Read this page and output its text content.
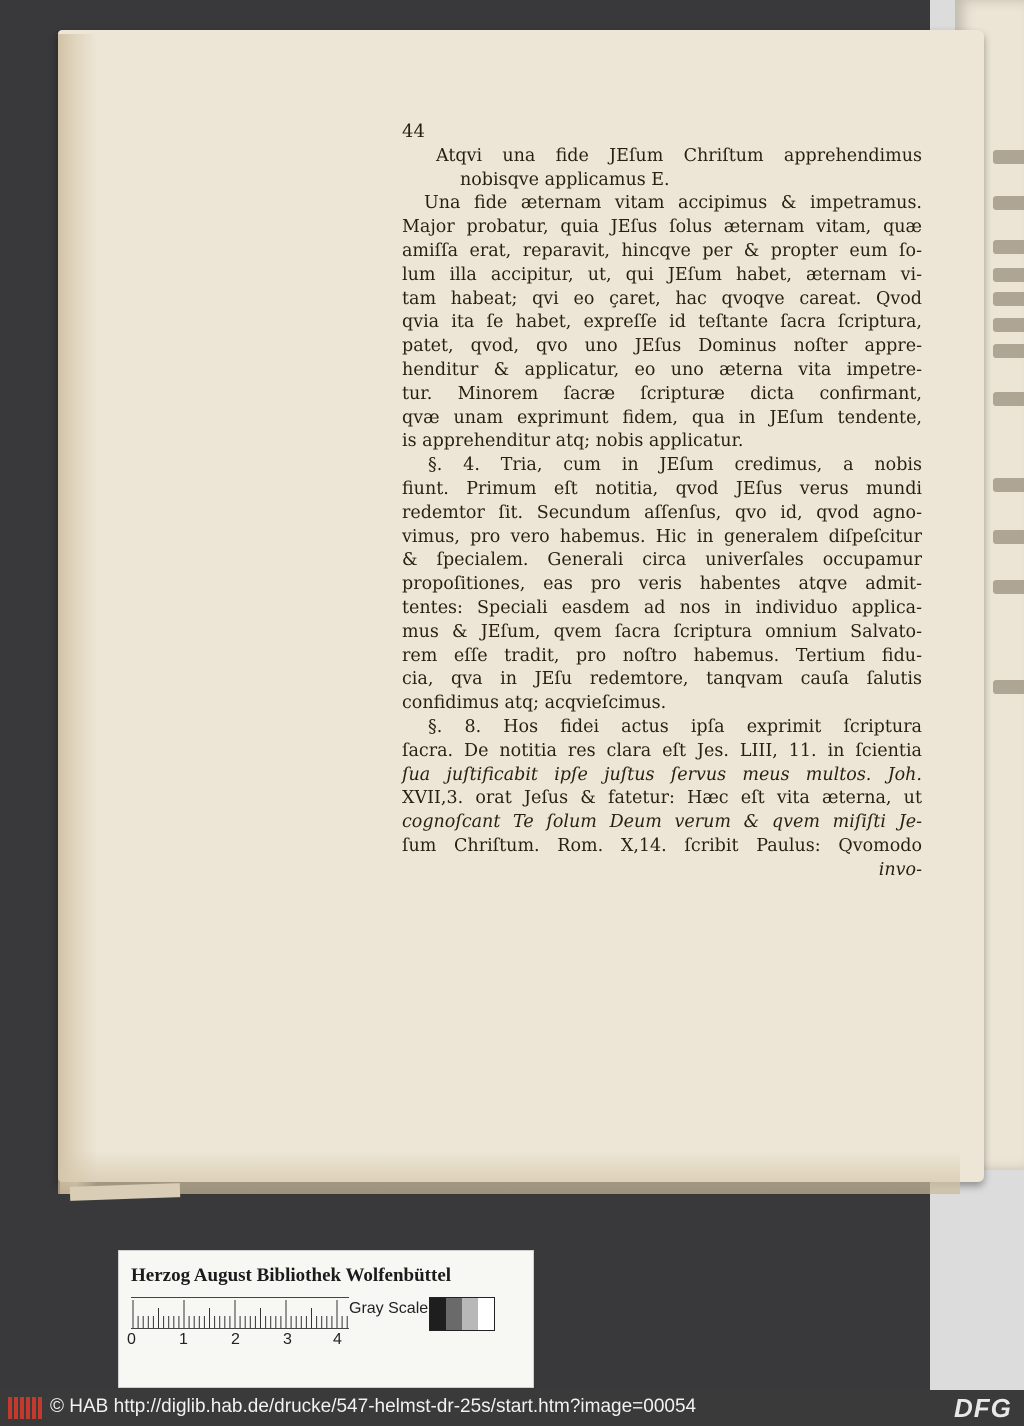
44
Atqvi una fide JEſum Chriſtum apprehendimus
nobisqve applicamus E.
Una fide æternam vitam accipimus & impetramus.
Major probatur, quia JEſus ſolus æternam vitam, quæ
amiſſa erat, reparavit, hincqve per & propter eum ſo-
lum illa accipitur, ut, qui JEſum habet, æternam vi-
tam habeat; qvi eo çaret, hac qvoqve careat. Qvod
qvia ita ſe habet, expreſſe id teſtante ſacra ſcriptura,
patet, qvod, qvo uno JEſus Dominus noſter appre-
henditur & applicatur, eo uno æterna vita impetre-
tur. Minorem ſacræ ſcripturæ dicta confirmant,
qvæ unam exprimunt fidem, qua in JEſum tendente,
is apprehenditur atq; nobis applicatur.
§. 4. Tria, cum in JEſum credimus, a nobis
fiunt. Primum eſt notitia, qvod JEſus verus mundi
redemtor ſit. Secundum aſſenſus, qvo id, qvod agno-
vimus, pro vero habemus. Hic in generalem diſpeſcitur
& ſpecialem. Generali circa univerſales occupamur
propoſitiones, eas pro veris habentes atqve admit-
tentes: Speciali easdem ad nos in individuo applica-
mus & JEſum, qvem ſacra ſcriptura omnium Salvato-
rem eſſe tradit, pro noſtro habemus. Tertium fidu-
cia, qva in JEſu redemtore, tanqvam cauſa ſalutis
confidimus atq; acqvieſcimus.
§. 8. Hos fidei actus ipſa exprimit ſcriptura
ſacra. De notitia res clara eſt Jes. LIII, 11. in ſcientia
ſua juſtificabit ipſe juſtus ſervus meus multos. Joh.
XVII,3. orat Jeſus & fatetur: Hæc eſt vita æterna, ut
cognoſcant Te ſolum Deum verum & qvem miſiſti Je-
ſum Chriſtum. Rom. X,14. ſcribit Paulus: Qvomodo
invo-
Herzog August Bibliothek Wolfenbüttel
0	1	2	3	4
Gray Scale
© HAB http://diglib.hab.de/drucke/547-helmst-dr-25s/start.htm?image=00054	DFG
